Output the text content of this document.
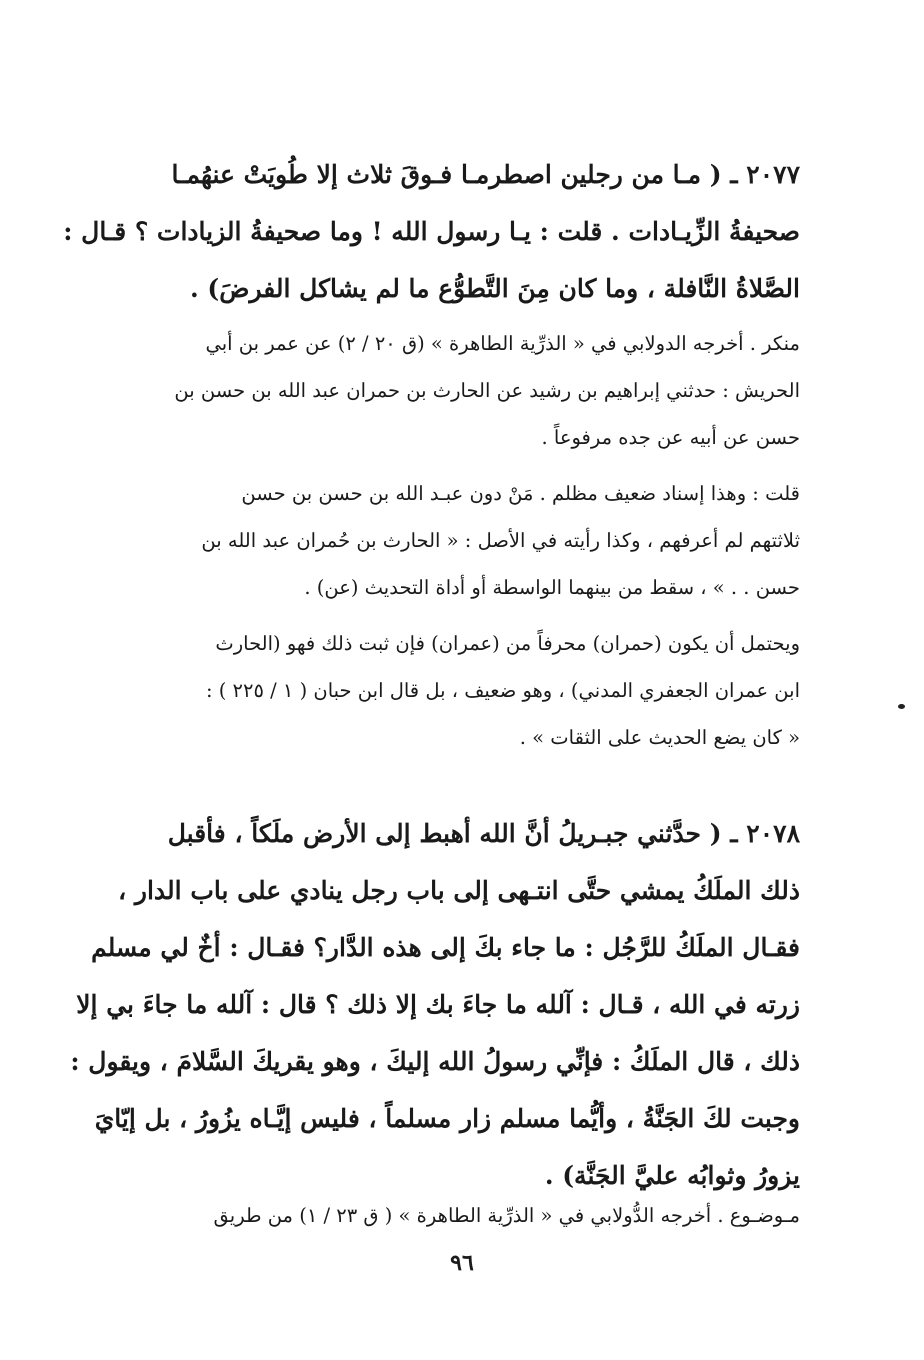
٢٠٧٧ ـ ( مـا من رجلين اصطرمـا فـوقَ ثلاث إلا طُويَتْ عنهُمـا
صحيفةُ الزِّيـادات . قلت : يـا رسول الله ! وما صحيفةُ الزيادات ؟ قـال :
الصَّلاةُ النَّافلة ، وما كان مِنَ التَّطوُّع ما لم يشاكل الفرضَ) .
منكر . أخرجه الدولابي في « الذرِّية الطاهرة » (ق ٢٠ / ٢) عن عمر بن أبي
الحريش : حدثني إبراهيم بن رشيد عن الحارث بن حمران عبد الله بن حسن بن
حسن عن أبيه عن جده مرفوعاً .
قلت : وهذا إسناد ضعيف مظلم . مَنْ دون عبـد الله بن حسن بن حسن
ثلاثتهم لم أعرفهم ، وكذا رأيته في الأصل : « الحارث بن حُمران عبد الله بن
حسن . . » ، سقط من بينهما الواسطة أو أداة التحديث (عن) .
ويحتمل أن يكون (حمران) محرفاً من (عمران) فإن ثبت ذلك فهو (الحارث
ابن عمران الجعفري المدني) ، وهو ضعيف ، بل قال ابن حبان ( ١ / ٢٢٥ ) :
« كان يضع الحديث على الثقات » .
٢٠٧٨ ـ ( حدَّثني جبـريلُ أنَّ الله أهبط إلى الأرض ملَكاً ، فأقبل
ذلك الملَكُ يمشي حتَّى انتـهى إلى باب رجل ينادي على باب الدار ،
فقـال الملَكُ للرَّجُل : ما جاء بكَ إلى هذه الدَّار؟ فقـال : أخٌ لي مسلم
زرته في الله ، قـال : آلله ما جاءَ بك إلا ذلك ؟ قال : آلله ما جاءَ بي إلا
ذلك ، قال الملَكُ : فإنِّي رسولُ الله إليكَ ، وهو يقريكَ السَّلامَ ، ويقول :
وجبت لكَ الجَنَّةُ ، وأيُّما مسلم زار مسلماً ، فليس إيَّـاه يزُورُ ، بل إيّايَ
يزورُ وثوابُه عليَّ الجَنَّة) .
مـوضـوع . أخرجه الدُّولابي في « الذرِّية الطاهرة » ( ق ٢٣ / ١) من طريق
٩٦
